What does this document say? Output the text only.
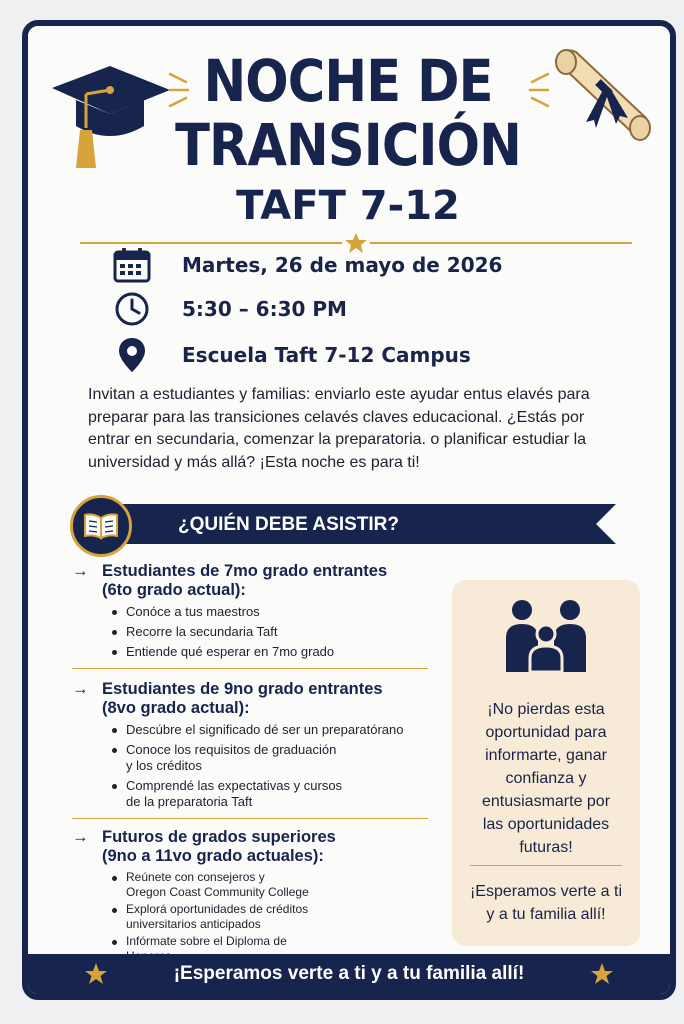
NOCHE DE
TRANSICIÓN
TAFT 7-12
Martes, 26 de mayo de 2026
5:30 – 6:30 PM
Escuela Taft 7-12 Campus

Invitan a estudiantes y familias: enviarlo este ayudar entus elavés para preparar para las transiciones celavés claves educacional. ¿Estás por entrar en secundaria, comenzar la preparatoria. o planificar estudiar la universidad y más allá? ¡Esta noche es para ti!

¿QUIÉN DEBE ASISTIR?
→ Estudiantes de 7mo grado entrantes
(6to grado actual):
Conóce a tus maestros
Recorre la secundaria Taft
Entiende qué esperar en 7mo grado
→ Estudiantes de 9no grado entrantes
(8vo grado actual):
Descúbre el significado dé ser un preparatórano
Conoce los requisitos de graduación
y los créditos
Comprendé las expectativas y cursos
de la preparatoria Taft
→ Futuros de grados superiores
(9no a 11vo grado actuales):
Reúnete con consejeros y
Oregon Coast Community College
Explorá oportunidades de créditos
universitarios anticipados
Infórmate sobre el Diploma de

¡No pierdas esta
oportunidad para
informarte, ganar
confianza y
entusiasmarte por
las oportunidades
futuras!
¡Esperamos verte a ti
y a tu familia allí!
¡Esperamos verte a ti y a tu familia allí!
